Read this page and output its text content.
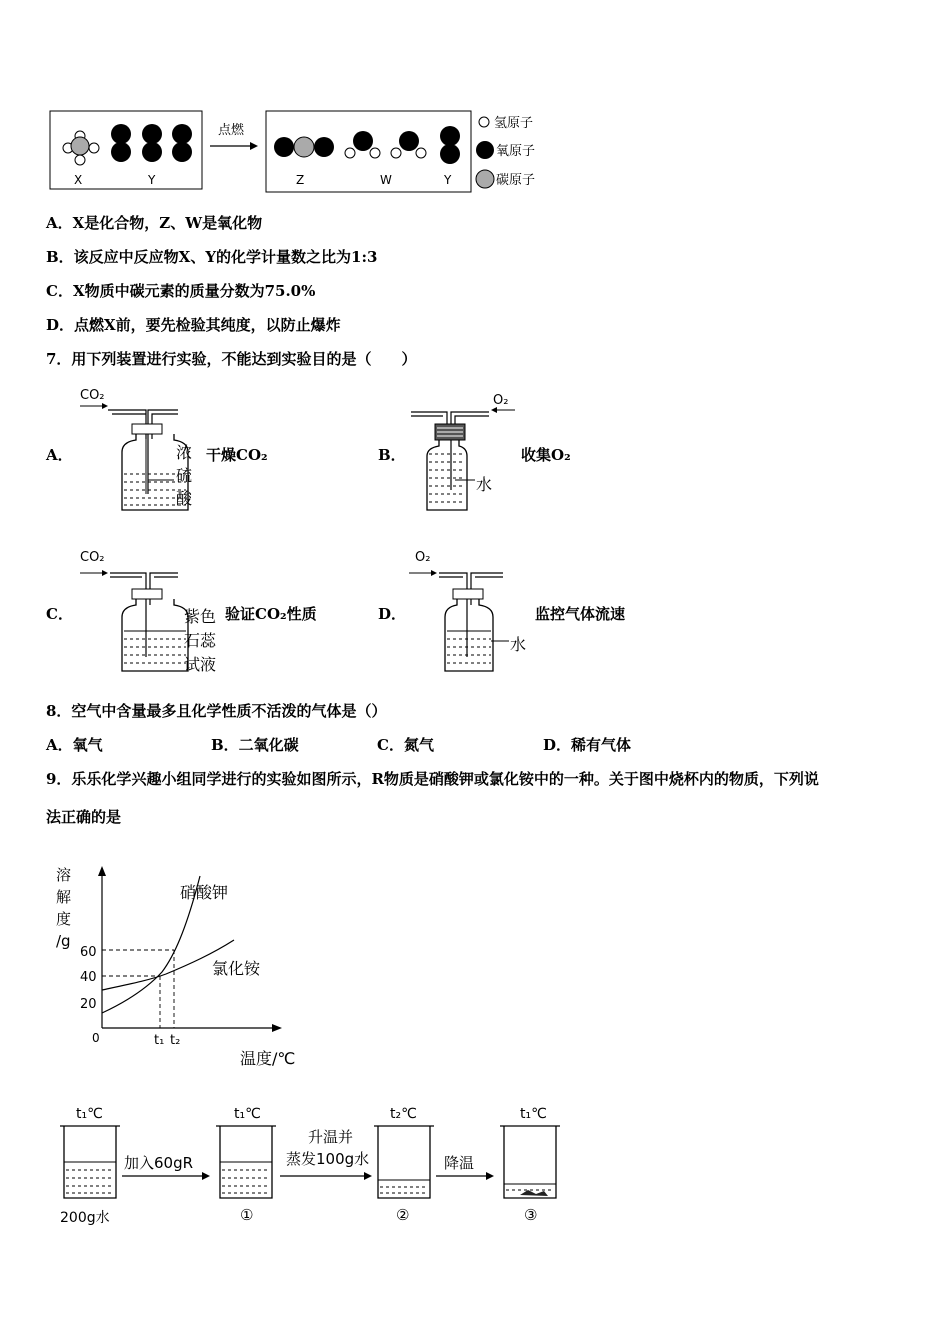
X	Y
点燃
Z	W	Y
氢原子
氧原子
碳原子
A．X是化合物，Z、W是氧化物
B．该反应中反应物X、Y的化学计量数之比为1:3
C．X物质中碳元素的质量分数为75.0%
D．点燃X前，要先检验其纯度，以防止爆炸
7．用下列装置进行实验，不能达到实验目的是（　　）
A．
CO₂
浓
硫
酸
干燥CO₂	B．
O₂
水
收集O₂
C．
CO₂
紫色
石蕊
试液
验证CO₂性质	D．
O₂
水
监控气体流速
8．空气中含量最多且化学性质不活泼的气体是（）
A．氧气	B．二氧化碳	C．氮气	D．稀有气体
9．乐乐化学兴趣小组同学进行的实验如图所示，R物质是硝酸钾或氯化铵中的一种。关于图中烧杯内的物质，下列说
法正确的是
溶
解
度
/g
60
40
20
0	t₁ t₂
硝酸钾
氯化铵
温度/℃
t₁℃
200g水
加入60gR
t₁℃
①
升温并
蒸发100g水
t₂℃
②
降温
t₁℃
③
